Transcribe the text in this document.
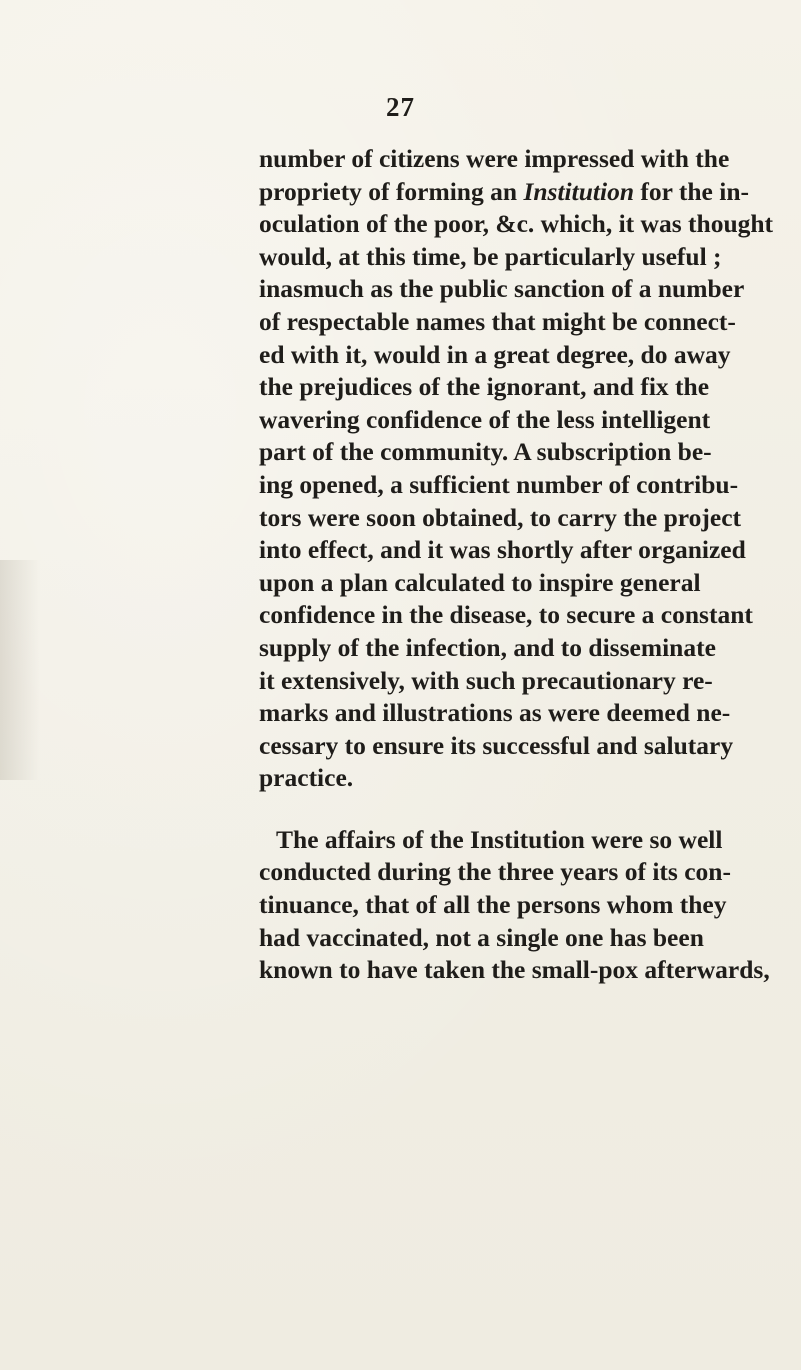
27
number of citizens were impressed with the
propriety of forming an Institution for the in-
oculation of the poor, &c. which, it was thought
would, at this time, be particularly useful ;
inasmuch as the public sanction of a number
of respectable names that might be connect-
ed with it, would in a great degree, do away
the prejudices of the ignorant, and fix the
wavering confidence of the less intelligent
part of the community. A subscription be-
ing opened, a sufficient number of contribu-
tors were soon obtained, to carry the project
into effect, and it was shortly after organized
upon a plan calculated to inspire general
confidence in the disease, to secure a constant
supply of the infection, and to disseminate
it extensively, with such precautionary re-
marks and illustrations as were deemed ne-
cessary to ensure its successful and salutary
practice.
The affairs of the Institution were so well
conducted during the three years of its con-
tinuance, that of all the persons whom they
had vaccinated, not a single one has been
known to have taken the small-pox afterwards,
